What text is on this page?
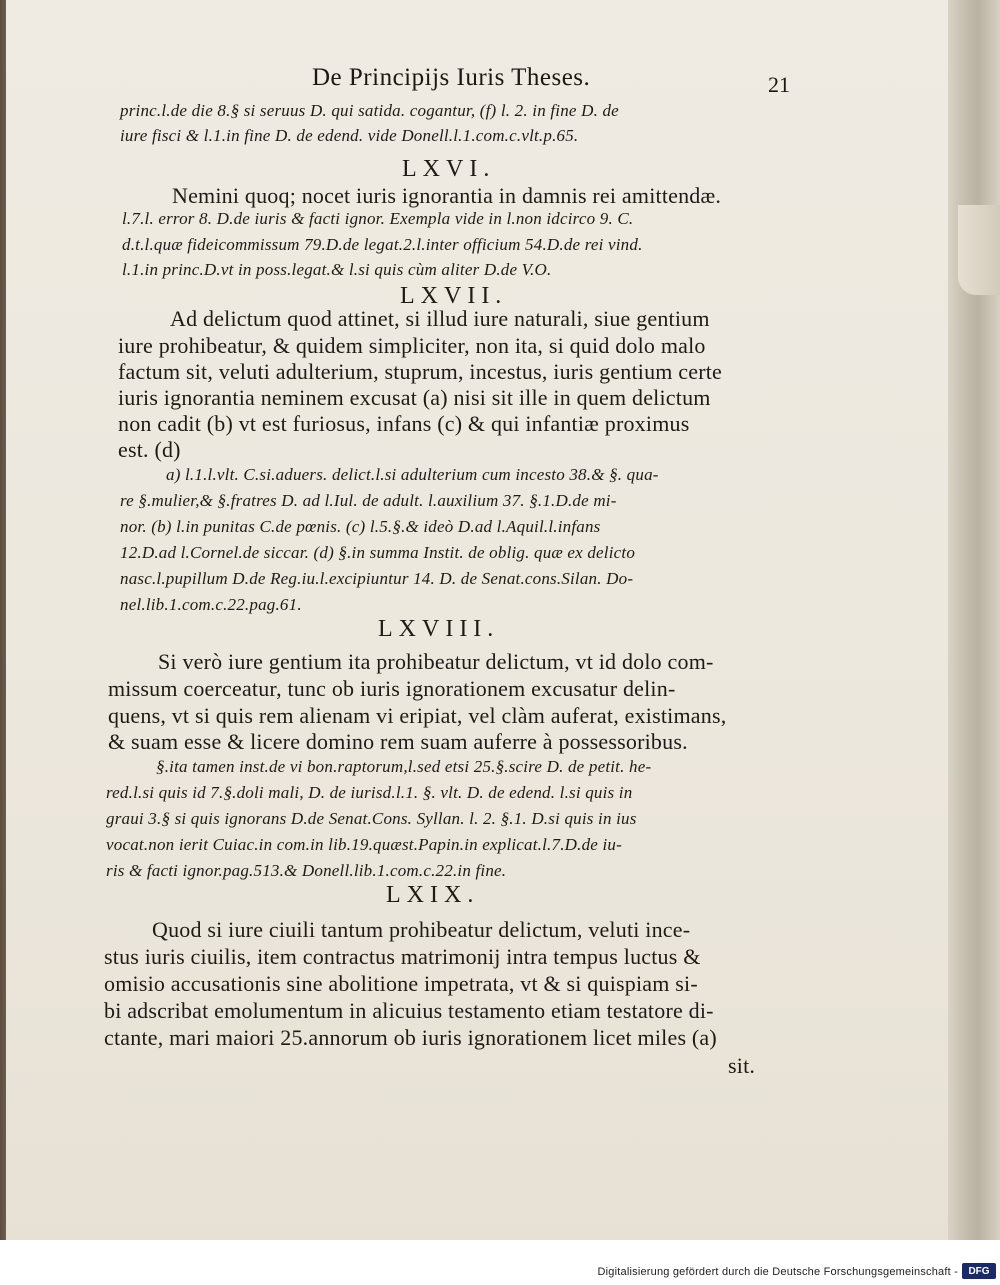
De Principijs Iuris Theses.	21
princ.l.de die 8.§ si seruus D. qui satida. cogantur, (f) l. 2. in fine D. de
iure fisci & l.1.in fine D. de edend. vide Donell.l.1.com.c.vlt.p.65.
LXVI.
Nemini quoq; nocet iuris ignorantia in damnis rei amittendæ.
l.7.l. error 8. D.de iuris & facti ignor. Exempla vide in l.non idcirco 9. C.
d.t.l.quæ fideicommissum 79.D.de legat.2.l.inter officium 54.D.de rei vind.
l.1.in princ.D.vt in poss.legat.& l.si quis cùm aliter D.de V.O.
LXVII.
Ad delictum quod attinet, si illud iure naturali, siue gentium
iure prohibeatur, & quidem simpliciter, non ita, si quid dolo malo
factum sit, veluti adulterium, stuprum, incestus, iuris gentium certe
iuris ignorantia neminem excusat (a) nisi sit ille in quem delictum
non cadit (b) vt est furiosus, infans (c) & qui infantiæ proximus
est. (d)
a) l.1.l.vlt. C.si.aduers. delict.l.si adulterium cum incesto 38.& §. qua-
re §.mulier,& §.fratres D. ad l.Iul. de adult. l.auxilium 37. §.1.D.de mi-
nor. (b) l.in punitas C.de pœnis. (c) l.5.§.& ideò D.ad l.Aquil.l.infans
12.D.ad l.Cornel.de siccar. (d) §.in summa Instit. de oblig. quæ ex delicto
nasc.l.pupillum D.de Reg.iu.l.excipiuntur 14. D. de Senat.cons.Silan. Do-
nel.lib.1.com.c.22.pag.61.
LXVIII.
Si verò iure gentium ita prohibeatur delictum, vt id dolo com-
missum coerceatur, tunc ob iuris ignorationem excusatur delin-
quens, vt si quis rem alienam vi eripiat, vel clàm auferat, existimans,
& suam esse & licere domino rem suam auferre à possessoribus.
§.ita tamen inst.de vi bon.raptorum,l.sed etsi 25.§.scire D. de petit. he-
red.l.si quis id 7.§.doli mali, D. de iurisd.l.1. §. vlt. D. de edend. l.si quis in
graui 3.§ si quis ignorans D.de Senat.Cons. Syllan. l. 2. §.1. D.si quis in ius
vocat.non ierit Cuiac.in com.in lib.19.quæst.Papin.in explicat.l.7.D.de iu-
ris & facti ignor.pag.513.& Donell.lib.1.com.c.22.in fine.
LXIX.
Quod si iure ciuili tantum prohibeatur delictum, veluti ince-
stus iuris ciuilis, item contractus matrimonij intra tempus luctus &
omisio accusationis sine abolitione impetrata, vt & si quispiam si-
bi adscribat emolumentum in alicuius testamento etiam testatore di-
ctante, mari maiori 25.annorum ob iuris ignorationem licet miles (a)
sit.
Digitalisierung gefördert durch die Deutsche Forschungsgemeinschaft -	DFG
